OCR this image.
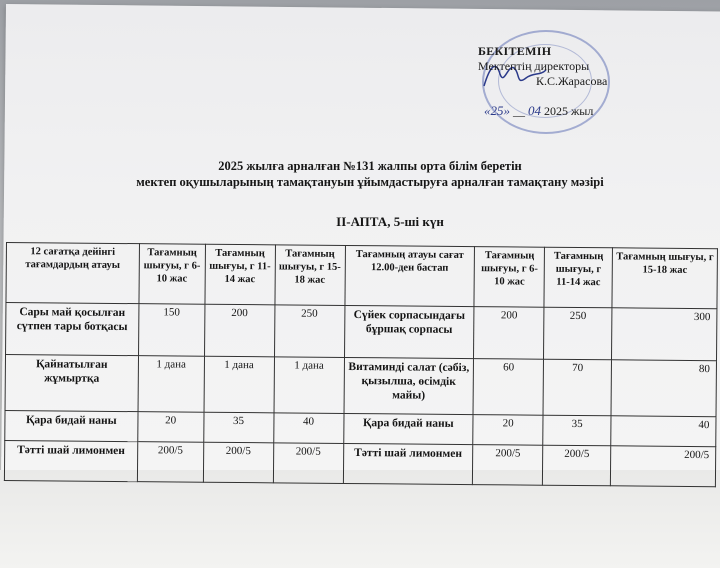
БЕКІТЕМІН
Мектептің директоры
К.С.Жарасова
«25» __ 04 2025 жыл
2025 жылға арналған №131 жалпы орта білім беретін
мектеп оқушыларының тамақтануын ұйымдастыруға арналған тамақтану мәзірі
II-АПТА, 5-ші күн
12 сағатқа дейінгі тағамдардың атауы	Тағамның шығуы, г 6-10 жас	Тағамның шығуы, г 11-14 жас	Тағамның шығуы, г 15-18 жас	Тағамның атауы сағат 12.00-ден бастап	Тағамның шығуы, г 6-10 жас	Тағамның шығуы, г 11-14 жас	Тағамның шығуы, г 15-18 жас
Сары май қосылған сүтпен тары ботқасы	150	200	250	Сүйек сорпасындағы бұршақ сорпасы	200	250	300
Қайнатылған жұмыртқа	1 дана	1 дана	1 дана	Витаминді салат (сәбіз, қызылша, өсімдік майы)	60	70	80
Қара бидай наны	20	35	40	Қара бидай наны	20	35	40
Тәтті шай лимонмен	200/5	200/5	200/5	Тәтті шай лимонмен	200/5	200/5	200/5
